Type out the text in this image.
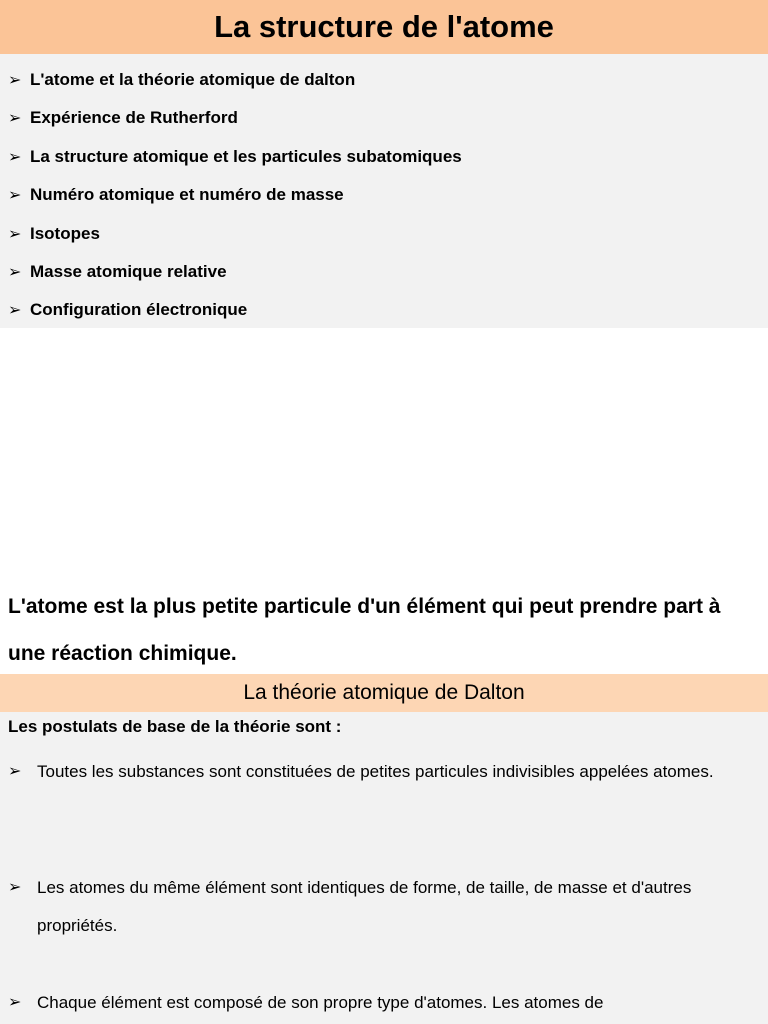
La structure de l'atome
➢ L'atome et la théorie atomique de dalton
➢ Expérience de Rutherford
➢ La structure atomique et les particules subatomiques
➢ Numéro atomique et numéro de masse
➢ Isotopes
➢ Masse atomique relative
➢ Configuration électronique

L'atome est la plus petite particule d'un élément qui peut prendre part à une réaction chimique.

La théorie atomique de Dalton

Les postulats de base de la théorie sont :

➢ Toutes les substances sont constituées de petites particules indivisibles appelées atomes.
➢ Les atomes du même élément sont identiques de forme, de taille, de masse et d'autres propriétés.
➢ Chaque élément est composé de son propre type d'atomes. Les atomes de
